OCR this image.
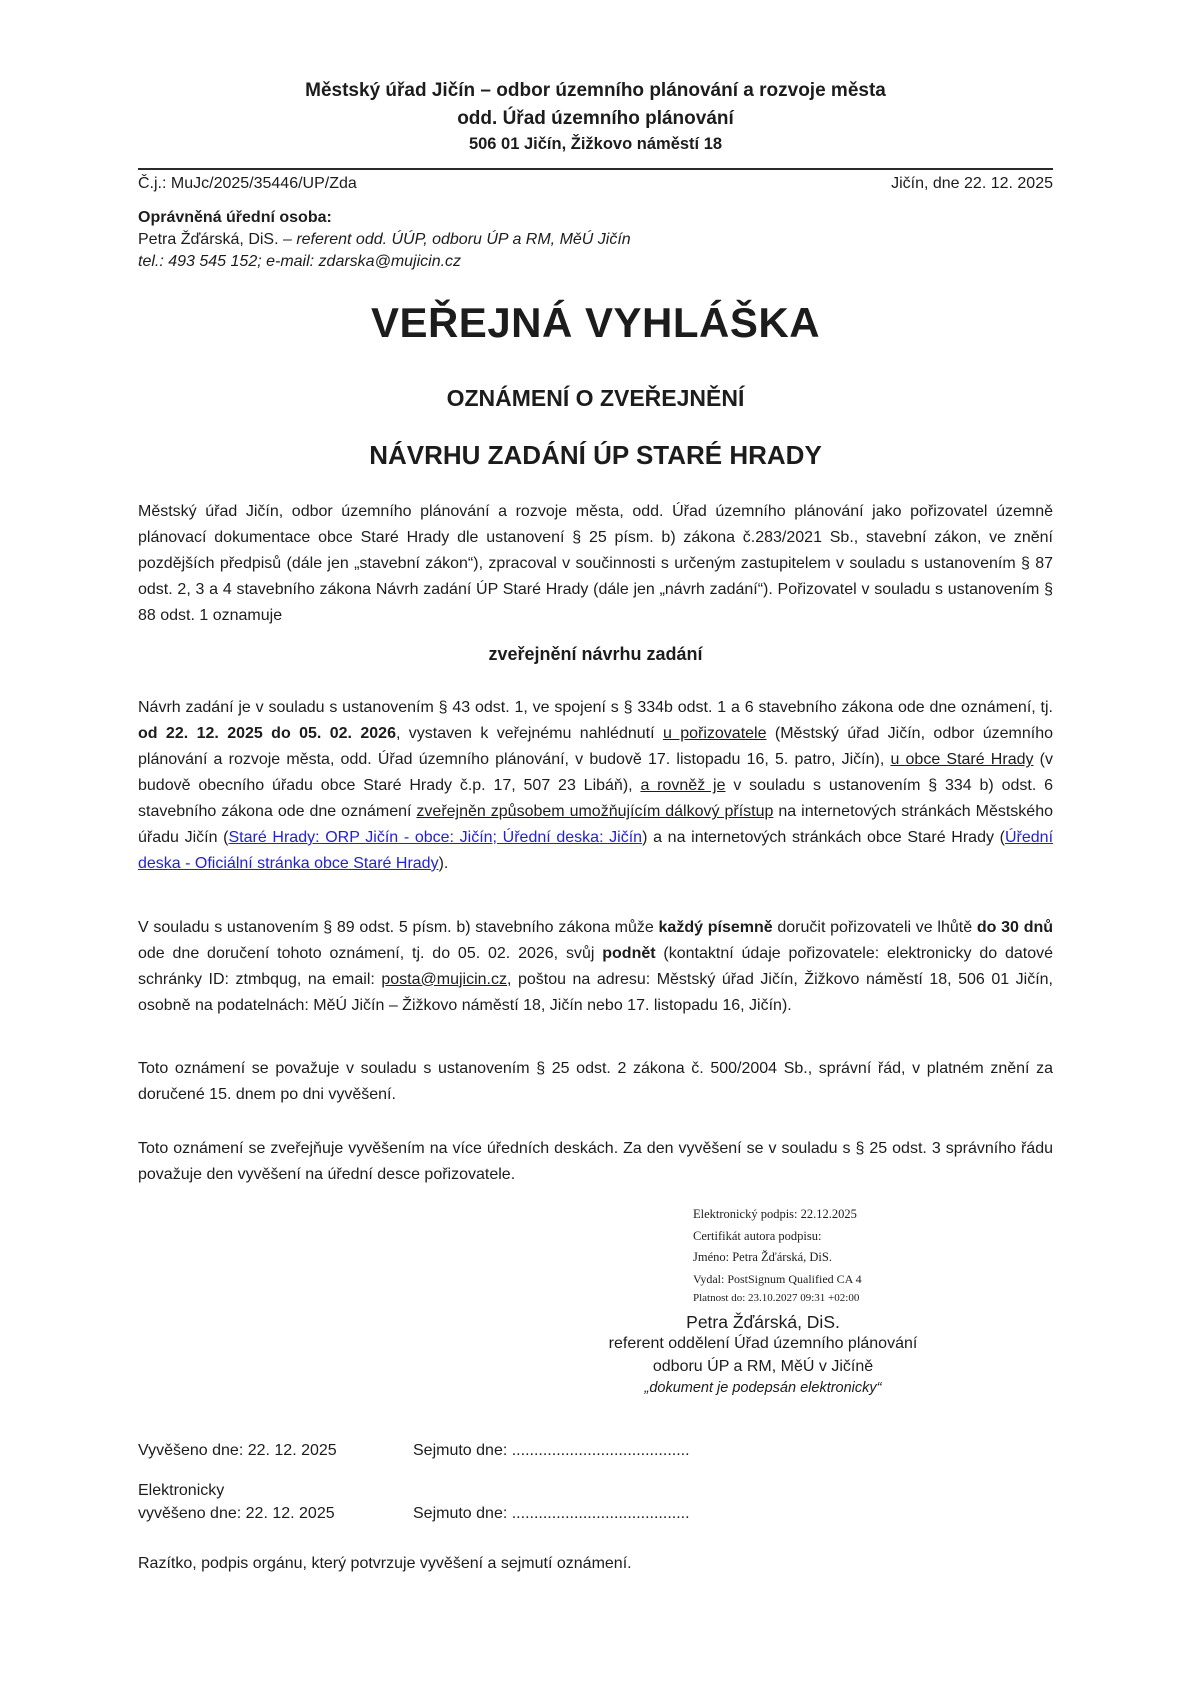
Městský úřad Jičín – odbor územního plánování a rozvoje města
odd. Úřad územního plánování
506 01 Jičín, Žižkovo náměstí 18
Č.j.: MuJc/2025/35446/UP/Zda	Jičín, dne 22. 12. 2025
Oprávněná úřední osoba:
Petra Žďárská, DiS. – referent odd. ÚÚP, odboru ÚP a RM, MěÚ Jičín
tel.: 493 545 152; e-mail: zdarska@mujicin.cz
VEŘEJNÁ VYHLÁŠKA
OZNÁMENÍ O ZVEŘEJNĚNÍ
NÁVRHU ZADÁNÍ ÚP STARÉ HRADY

Městský úřad Jičín, odbor územního plánování a rozvoje města, odd. Úřad územního plánování jako pořizovatel územně plánovací dokumentace obce Staré Hrady dle ustanovení § 25 písm. b) zákona č.283/2021 Sb., stavební zákon, ve znění pozdějších předpisů (dále jen „stavební zákon“), zpracoval v součinnosti s určeným zastupitelem v souladu s ustanovením § 87 odst. 2, 3 a 4 stavebního zákona Návrh zadání ÚP Staré Hrady (dále jen „návrh zadání“). Pořizovatel v souladu s ustanovením § 88 odst. 1 oznamuje

zveřejnění návrhu zadání

Návrh zadání je v souladu s ustanovením § 43 odst. 1, ve spojení s § 334b odst. 1 a 6 stavebního zákona ode dne oznámení, tj. od 22. 12. 2025 do 05. 02. 2026, vystaven k veřejnému nahlédnutí u pořizovatele (Městský úřad Jičín, odbor územního plánování a rozvoje města, odd. Úřad územního plánování, v budově 17. listopadu 16, 5. patro, Jičín), u obce Staré Hrady (v budově obecního úřadu obce Staré Hrady č.p. 17, 507 23 Libáň), a rovněž je v souladu s ustanovením § 334 b) odst. 6 stavebního zákona ode dne oznámení zveřejněn způsobem umožňujícím dálkový přístup na internetových stránkách Městského úřadu Jičín (Staré Hrady: ORP Jičín - obce: Jičín; Úřední deska: Jičín) a na internetových stránkách obce Staré Hrady (Úřední deska - Oficiální stránka obce Staré Hrady).

V souladu s ustanovením § 89 odst. 5 písm. b) stavebního zákona může každý písemně doručit pořizovateli ve lhůtě do 30 dnů ode dne doručení tohoto oznámení, tj. do 05. 02. 2026, svůj podnět (kontaktní údaje pořizovatele: elektronicky do datové schránky ID: ztmbqug, na email: posta@mujicin.cz, poštou na adresu: Městský úřad Jičín, Žižkovo náměstí 18, 506 01 Jičín, osobně na podatelnách: MěÚ Jičín – Žižkovo náměstí 18, Jičín nebo 17. listopadu 16, Jičín).

Toto oznámení se považuje v souladu s ustanovením § 25 odst. 2 zákona č. 500/2004 Sb., správní řád, v platném znění za doručené 15. dnem po dni vyvěšení.

Toto oznámení se zveřejňuje vyvěšením na více úředních deskách. Za den vyvěšení se v souladu s § 25 odst. 3 správního řádu považuje den vyvěšení na úřední desce pořizovatele.

Elektronický podpis: 22.12.2025
Certifikát autora podpisu:
Jméno: Petra Žďárská, DiS.
Vydal: PostSignum Qualified CA 4
Platnost do: 23.10.2027 09:31 +02:00
Petra Žďárská, DiS.
referent oddělení Úřad územního plánování
odboru ÚP a RM, MěÚ v Jičíně
„dokument je podepsán elektronicky“
Vyvěšeno dne: 22. 12. 2025	Sejmuto dne: ........................................
Elektronicky
vyvěšeno dne: 22. 12. 2025	Sejmuto dne: ........................................
Razítko, podpis orgánu, který potvrzuje vyvěšení a sejmutí oznámení.
